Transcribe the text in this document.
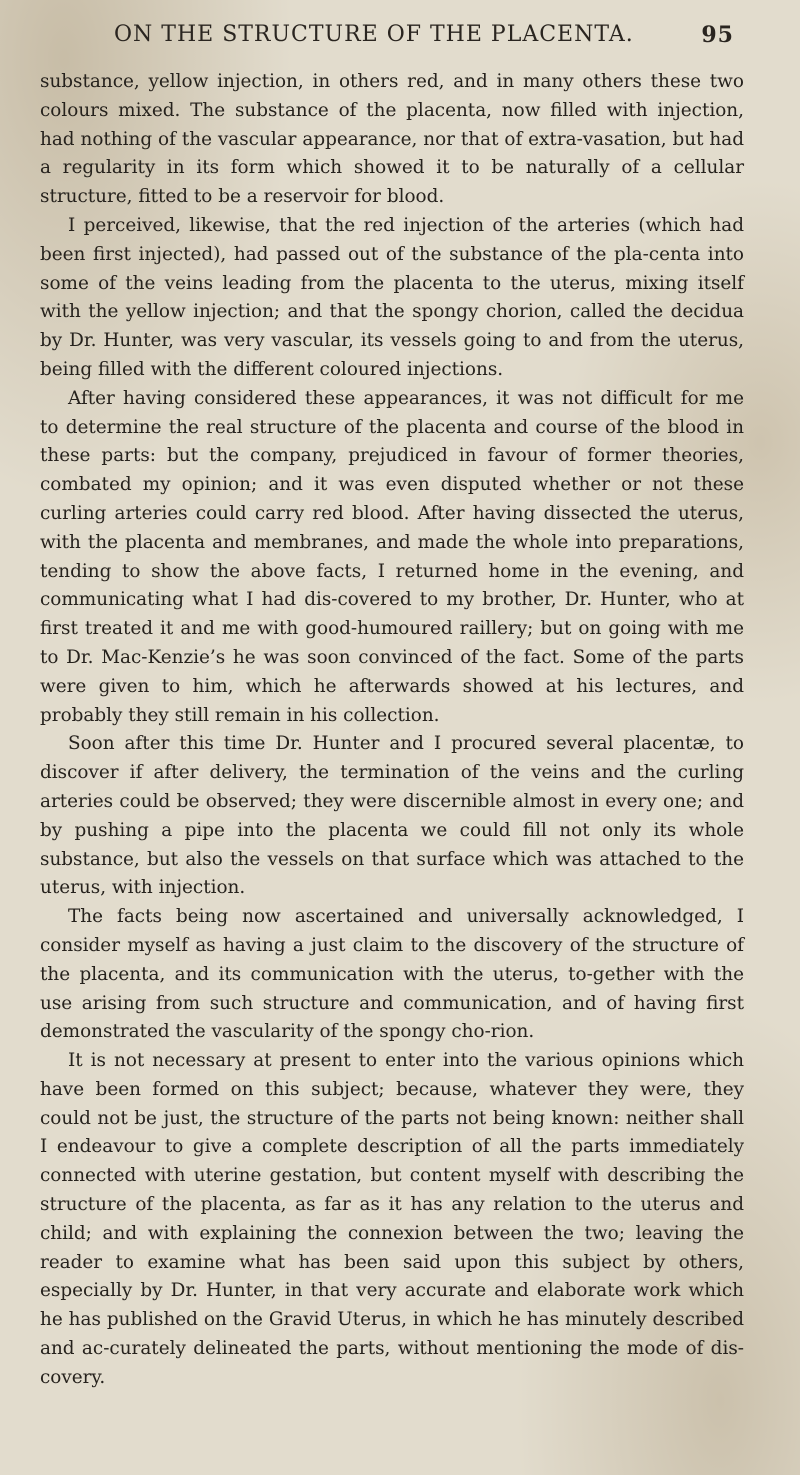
ON THE STRUCTURE OF THE PLACENTA.	95

substance, yellow injection, in others red, and in many others these two colours mixed. The substance of the placenta, now filled with injection, had nothing of the vascular appearance, nor that of extra-vasation, but had a regularity in its form which showed it to be naturally of a cellular structure, fitted to be a reservoir for blood.

I perceived, likewise, that the red injection of the arteries (which had been first injected), had passed out of the substance of the pla-centa into some of the veins leading from the placenta to the uterus, mixing itself with the yellow injection; and that the spongy chorion, called the decidua by Dr. Hunter, was very vascular, its vessels going to and from the uterus, being filled with the different coloured injections.

After having considered these appearances, it was not difficult for me to determine the real structure of the placenta and course of the blood in these parts: but the company, prejudiced in favour of former theories, combated my opinion; and it was even disputed whether or not these curling arteries could carry red blood. After having dissected the uterus, with the placenta and membranes, and made the whole into preparations, tending to show the above facts, I returned home in the evening, and communicating what I had dis-covered to my brother, Dr. Hunter, who at first treated it and me with good-humoured raillery; but on going with me to Dr. Mac-Kenzie’s he was soon convinced of the fact. Some of the parts were given to him, which he afterwards showed at his lectures, and probably they still remain in his collection.

Soon after this time Dr. Hunter and I procured several placentæ, to discover if after delivery, the termination of the veins and the curling arteries could be observed; they were discernible almost in every one; and by pushing a pipe into the placenta we could fill not only its whole substance, but also the vessels on that surface which was attached to the uterus, with injection.

The facts being now ascertained and universally acknowledged, I consider myself as having a just claim to the discovery of the structure of the placenta, and its communication with the uterus, to-gether with the use arising from such structure and communication, and of having first demonstrated the vascularity of the spongy cho-rion.

It is not necessary at present to enter into the various opinions which have been formed on this subject; because, whatever they were, they could not be just, the structure of the parts not being known: neither shall I endeavour to give a complete description of all the parts immediately connected with uterine gestation, but content myself with describing the structure of the placenta, as far as it has any relation to the uterus and child; and with explaining the connexion between the two; leaving the reader to examine what has been said upon this subject by others, especially by Dr. Hunter, in that very accurate and elaborate work which he has published on the Gravid Uterus, in which he has minutely described and ac-curately delineated the parts, without mentioning the mode of dis-covery.
